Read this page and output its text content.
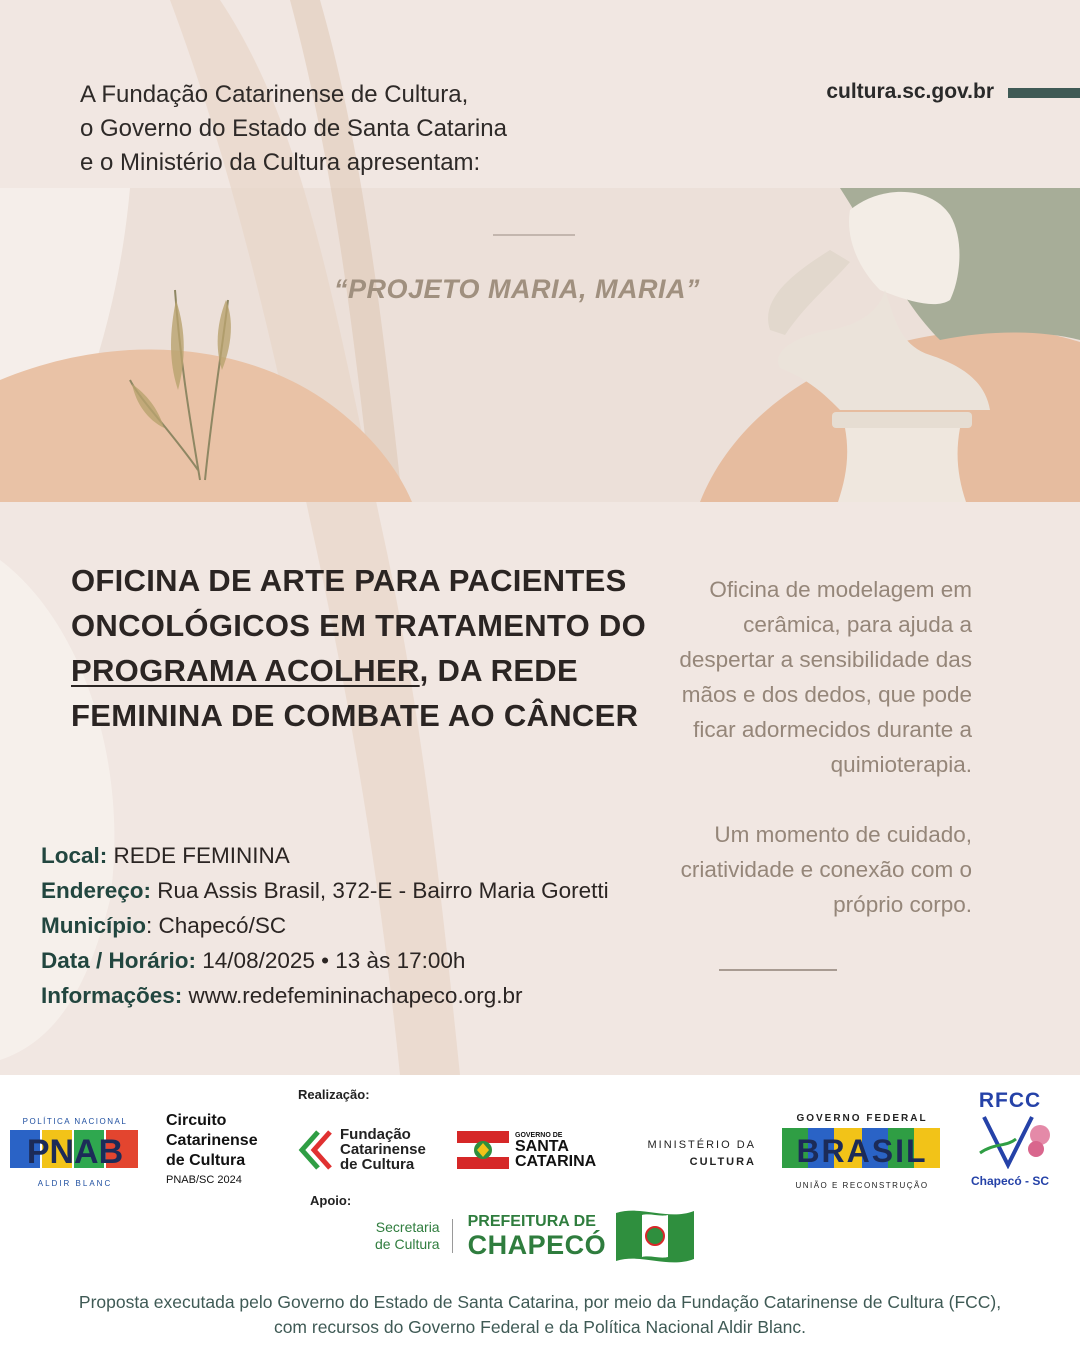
A Fundação Catarinense de Cultura,
o Governo do Estado de Santa Catarina
e o Ministério da Cultura apresentam:
cultura.sc.gov.br
“PROJETO MARIA, MARIA”
OFICINA DE ARTE PARA PACIENTES ONCOLÓGICOS EM TRATAMENTO DO PROGRAMA ACOLHER, DA REDE FEMININA DE COMBATE AO CÂNCER

Oficina de modelagem em cerâmica, para ajuda a despertar a sensibilidade das mãos e dos dedos, que pode ficar adormecidos durante a quimioterapia.

Um momento de cuidado, criatividade e conexão com o próprio corpo.

Local: REDE FEMININA
Endereço: Rua Assis Brasil, 372-E - Bairro Maria Goretti
Município: Chapecó/SC
Data / Horário: 14/08/2025 • 13 às 17:00h
Informações: www.redefemininachapeco.org.br
Realização:
POLÍTICA NACIONAL
PNAB
ALDIR BLANC
Circuito
Catarinense
de Cultura
PNAB/SC 2024
Fundação
Catarinense
de Cultura
GOVERNO DE
SANTA
CATARINA
MINISTÉRIO DA
CULTURA
GOVERNO FEDERAL
BRASIL
UNIÃO E RECONSTRUÇÃO
RFCC
Chapecó - SC
Apoio:
Secretaria
de Cultura
PREFEITURA DE
CHAPECÓ
Proposta executada pelo Governo do Estado de Santa Catarina, por meio da Fundação Catarinense de Cultura (FCC), com recursos do Governo Federal e da Política Nacional Aldir Blanc.
